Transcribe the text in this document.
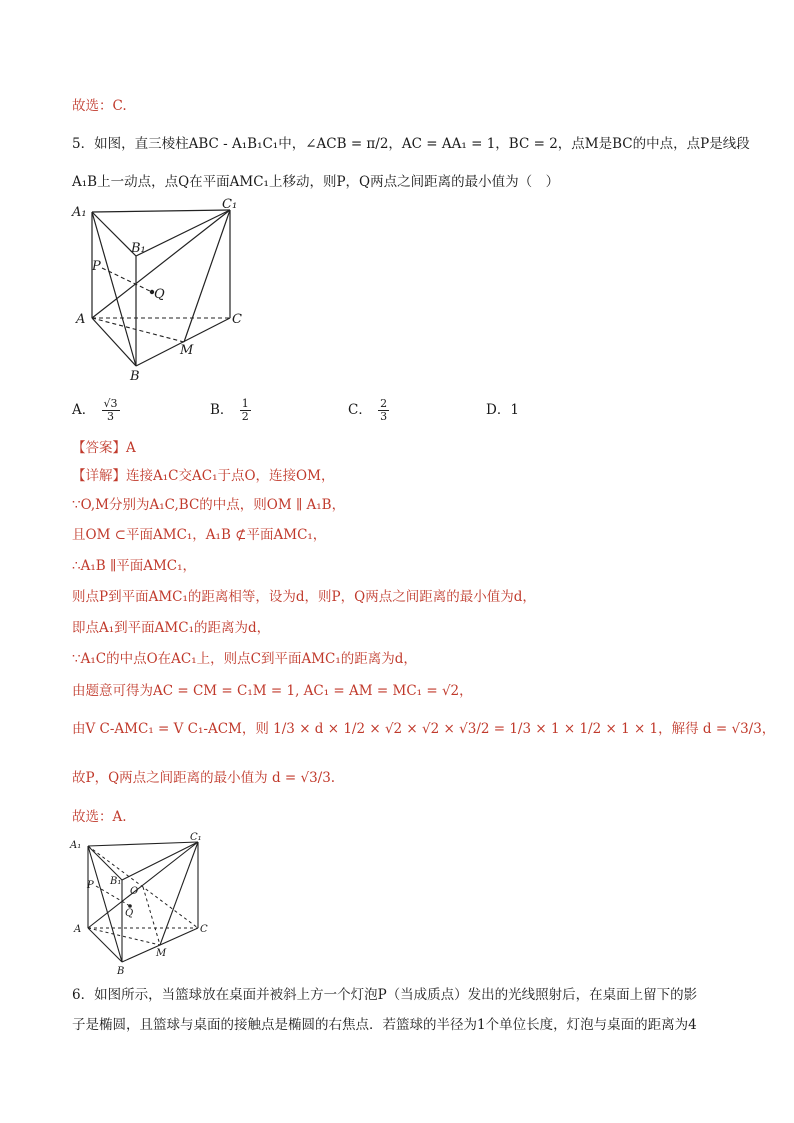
故选：C.
5．如图，直三棱柱ABC - A₁B₁C₁中，∠ACB = π/2，AC = AA₁ = 1，BC = 2，点M是BC的中点，点P是线段
A₁B上一动点，点Q在平面AMC₁上移动，则P，Q两点之间距离的最小值为（　）
A₁
B₁
C₁
P
Q
A	C
M
B
A． $\frac{√3}{3}$	B． $\frac{1}{2}$	C． $\frac{2}{3}$	D．1
【答案】A
【详解】连接A₁C交AC₁于点O，连接OM，
∵O,M分别为A₁C,BC的中点，则OM ∥ A₁B，
且OM ⊂平面AMC₁，A₁B ⊄平面AMC₁，
∴A₁B ∥平面AMC₁，
则点P到平面AMC₁的距离相等，设为d，则P，Q两点之间距离的最小值为d，
即点A₁到平面AMC₁的距离为d，
∵A₁C的中点O在AC₁上，则点C到平面AMC₁的距离为d，
由题意可得为AC = CM = C₁M = 1, AC₁ = AM = MC₁ = √2，
由V C-AMC₁ = V C₁-ACM，则 1/3 × d × 1/2 × √2 × √2 × √3/2 = 1/3 × 1 × 1/2 × 1 × 1，解得 d = √3/3，
故P，Q两点之间距离的最小值为 d = √3/3.
故选：A.
A₁
C₁
B₁
P
O
Q
A	C
M
B
6．如图所示，当篮球放在桌面并被斜上方一个灯泡P（当成质点）发出的光线照射后，在桌面上留下的影
子是椭圆，且篮球与桌面的接触点是椭圆的右焦点．若篮球的半径为1个单位长度，灯泡与桌面的距离为4
